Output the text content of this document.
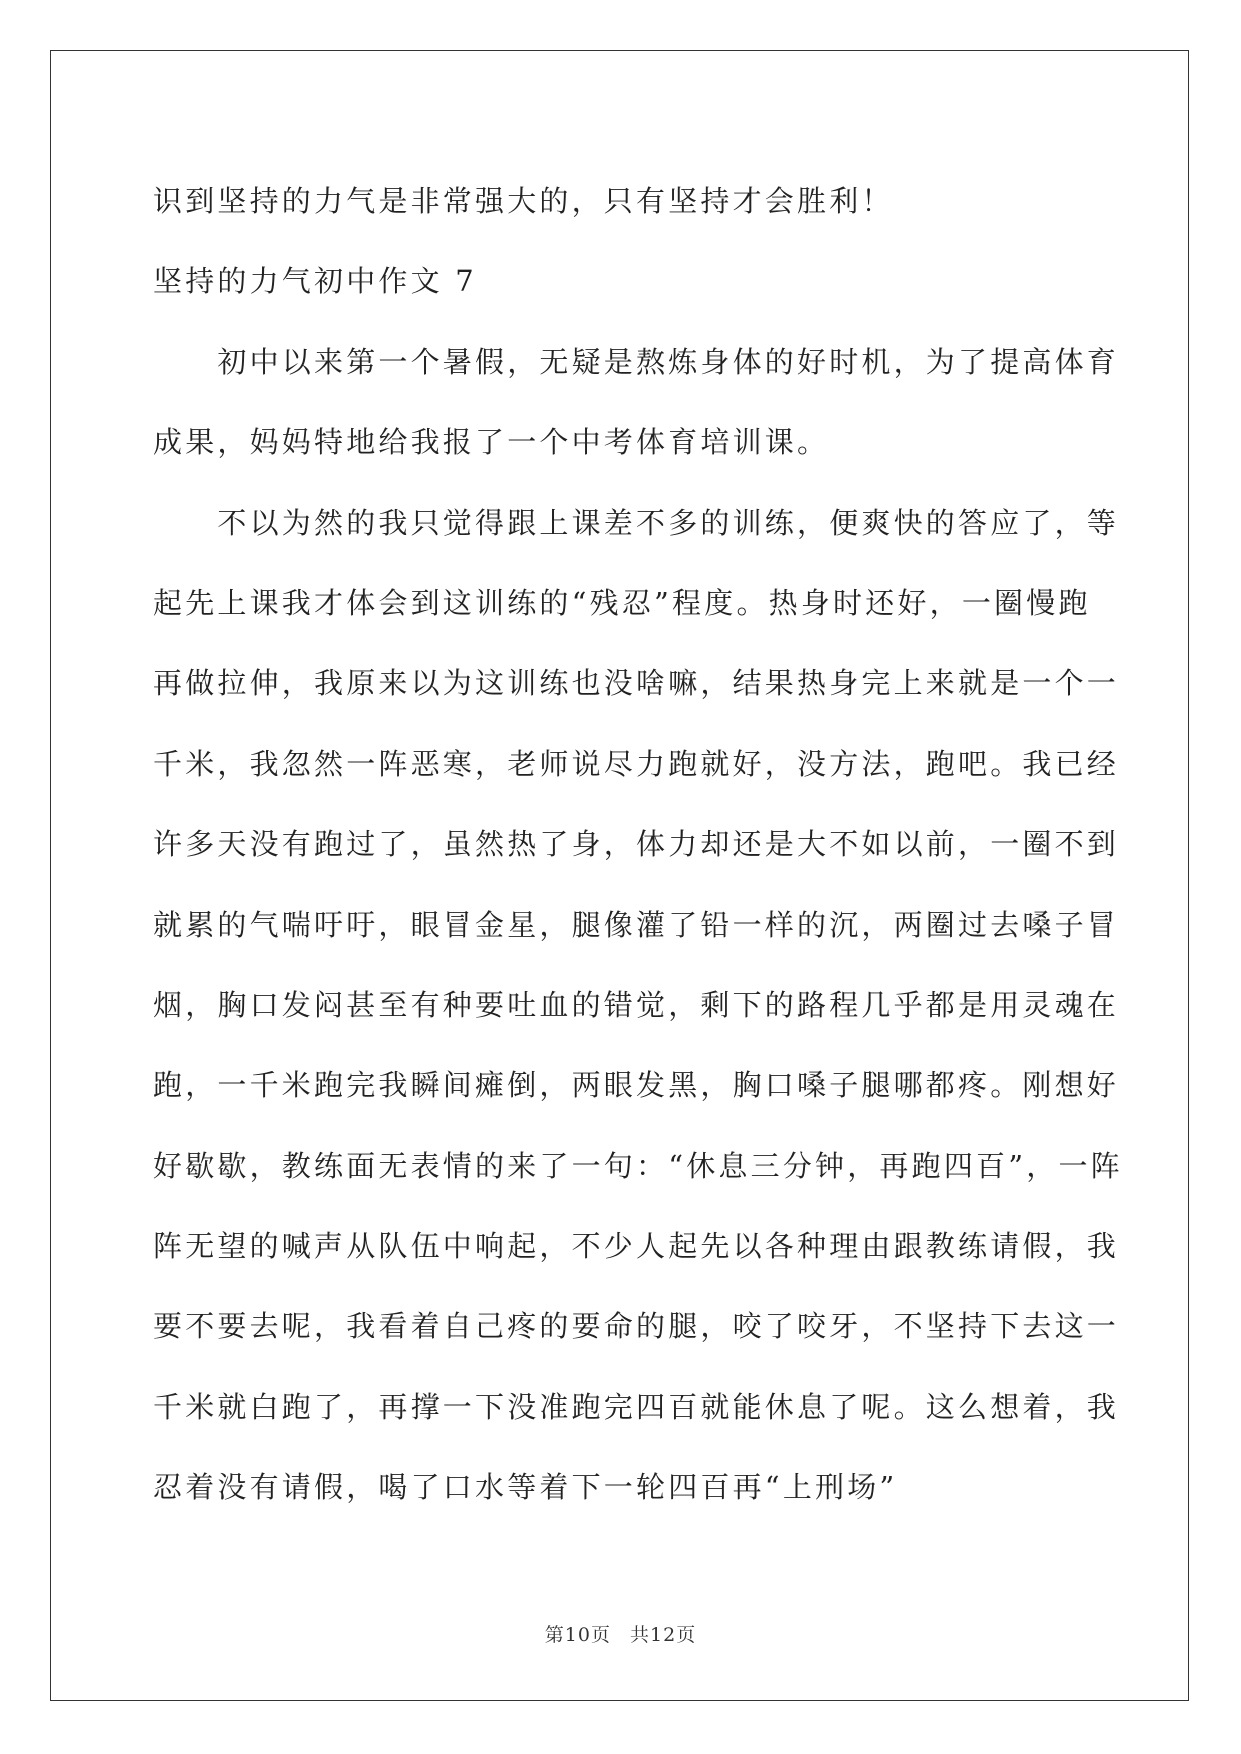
识到坚持的力气是非常强大的，只有坚持才会胜利！
坚持的力气初中作文 7
　　初中以来第一个暑假，无疑是熬炼身体的好时机，为了提高体育
成果，妈妈特地给我报了一个中考体育培训课。
　　不以为然的我只觉得跟上课差不多的训练，便爽快的答应了，等
起先上课我才体会到这训练的“残忍”程度。热身时还好，一圈慢跑
再做拉伸，我原来以为这训练也没啥嘛，结果热身完上来就是一个一
千米，我忽然一阵恶寒，老师说尽力跑就好，没方法，跑吧。我已经
许多天没有跑过了，虽然热了身，体力却还是大不如以前，一圈不到
就累的气喘吁吁，眼冒金星，腿像灌了铅一样的沉，两圈过去嗓子冒
烟，胸口发闷甚至有种要吐血的错觉，剩下的路程几乎都是用灵魂在
跑，一千米跑完我瞬间瘫倒，两眼发黑，胸口嗓子腿哪都疼。刚想好
好歇歇，教练面无表情的来了一句：“休息三分钟，再跑四百”，一阵
阵无望的喊声从队伍中响起，不少人起先以各种理由跟教练请假，我
要不要去呢，我看着自己疼的要命的腿，咬了咬牙，不坚持下去这一
千米就白跑了，再撑一下没准跑完四百就能休息了呢。这么想着，我
忍着没有请假，喝了口水等着下一轮四百再“上刑场”
第10页 共12页
